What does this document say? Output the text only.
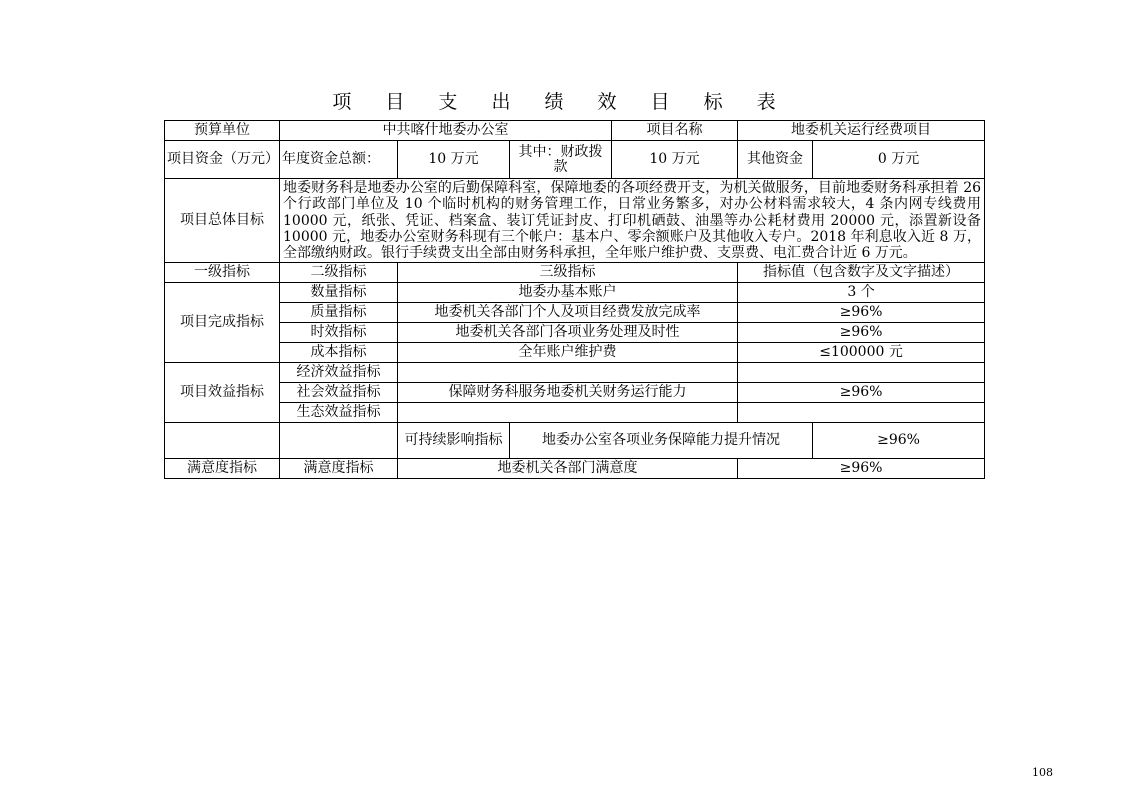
项 目 支 出 绩 效 目 标 表
预算单位	中共喀什地委办公室			项目名称	地委机关运行经费项目	
项目资金（万元）	年度资金总额：	10 万元	其中：财政拨款	10 万元	其他资金	0 万元
项目总体目标	地委财务科是地委办公室的后勤保障科室，保障地委的各项经费开支，为机关做服务，目前地委财务科承担着 26 个行政部门单位及 10 个临时机构的财务管理工作，日常业务繁多，对办公材料需求较大，4 条内网专线费用 10000 元，纸张、凭证、档案盒、装订凭证封皮、打印机硒鼓、油墨等办公耗材费用 20000 元，添置新设备 10000 元，地委办公室财务科现有三个帐户：基本户、零余额账户及其他收入专户。2018 年利息收入近 8 万，全部缴纳财政。银行手续费支出全部由财务科承担，全年账户维护费、支票费、电汇费合计近 6 万元。					
一级指标	二级指标	三级指标			指标值（包含数字及文字描述）	
项目完成指标	数量指标	地委办基本账户			3 个	
	质量指标	地委机关各部门个人及项目经费发放完成率			≥96%	
	时效指标	地委机关各部门各项业务处理及时性			≥96%	
	成本指标	全年账户维护费			≤100000 元	
项目效益指标	经济效益指标					
	社会效益指标	保障财务科服务地委机关财务运行能力			≥96%	
	生态效益指标					
		可持续影响指标	地委办公室各项业务保障能力提升情况			≥96%
满意度指标	满意度指标	地委机关各部门满意度			≥96%	
108
